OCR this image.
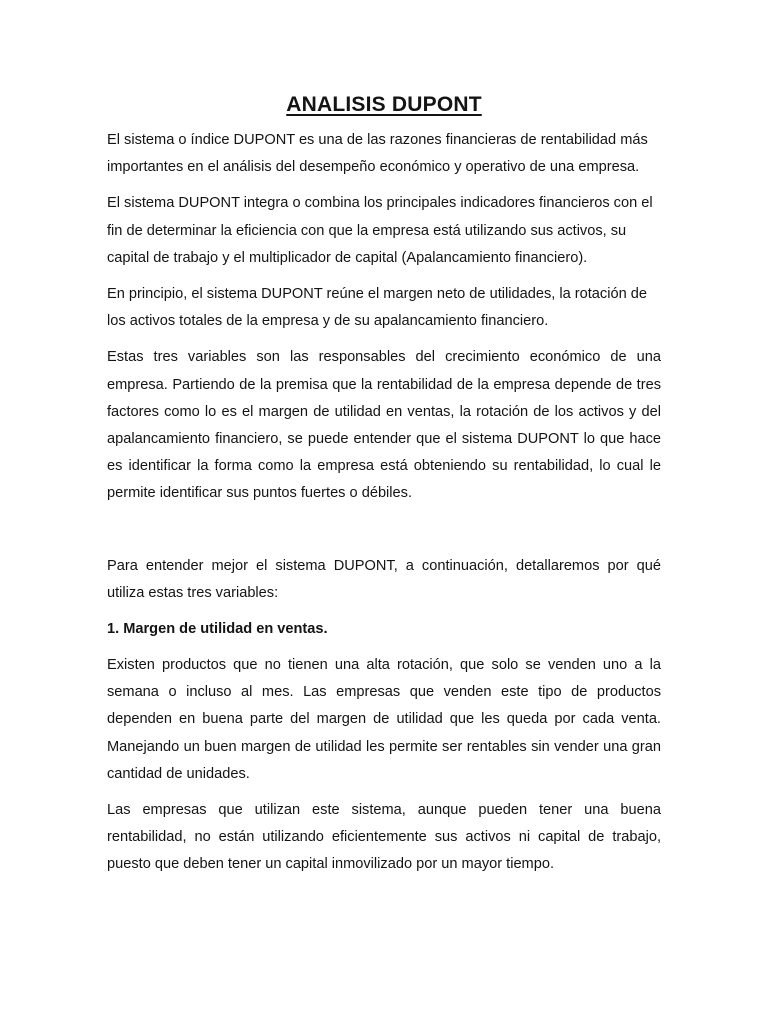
ANALISIS DUPONT

El sistema o índice DUPONT es una de las razones financieras de rentabilidad más importantes en el análisis del desempeño económico y operativo de una empresa.

El sistema DUPONT integra o combina los principales indicadores financieros con el fin de determinar la eficiencia con que la empresa está utilizando sus activos, su capital de trabajo y el multiplicador de capital (Apalancamiento financiero).

En principio, el sistema DUPONT reúne el margen neto de utilidades, la rotación de los activos totales de la empresa y de su apalancamiento financiero.

Estas tres variables son las responsables del crecimiento económico de una empresa. Partiendo de la premisa que la rentabilidad de la empresa depende de tres factores como lo es el margen de utilidad en ventas, la rotación de los activos y del apalancamiento financiero, se puede entender que el sistema DUPONT lo que hace es identificar la forma como la empresa está obteniendo su rentabilidad, lo cual le permite identificar sus puntos fuertes o débiles.

Para entender mejor el sistema DUPONT, a continuación, detallaremos por qué utiliza estas tres variables:

1. Margen de utilidad en ventas.

Existen productos que no tienen una alta rotación, que solo se venden uno a la semana o incluso al mes. Las empresas que venden este tipo de productos dependen en buena parte del margen de utilidad que les queda por cada venta. Manejando un buen margen de utilidad les permite ser rentables sin vender una gran cantidad de unidades.

Las empresas que utilizan este sistema, aunque pueden tener una buena rentabilidad, no están utilizando eficientemente sus activos ni capital de trabajo, puesto que deben tener un capital inmovilizado por un mayor tiempo.
